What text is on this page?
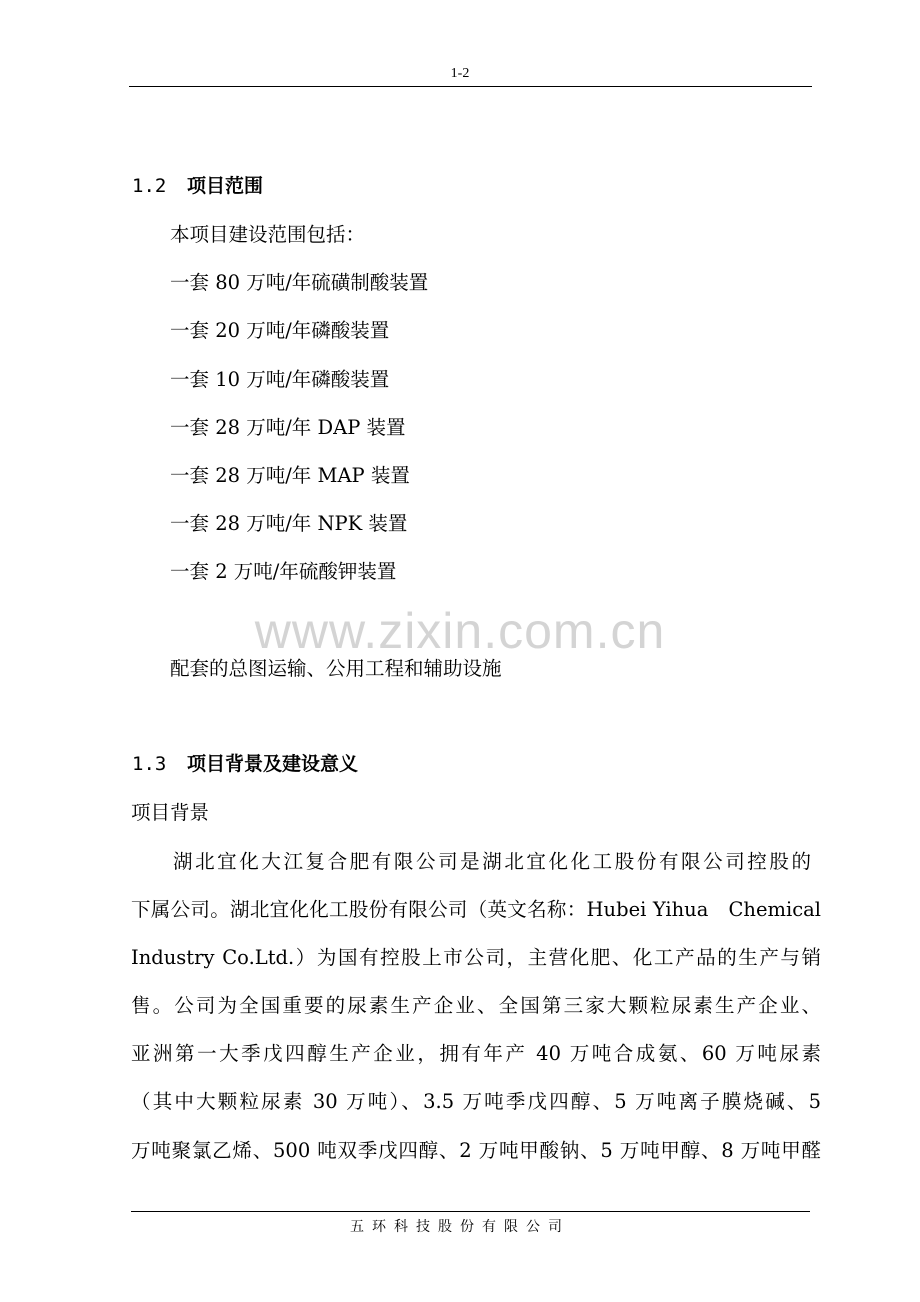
1-2
1.2 项目范围
本项目建设范围包括：
一套 80 万吨/年硫磺制酸装置
一套 20 万吨/年磷酸装置
一套 10 万吨/年磷酸装置
一套 28 万吨/年 DAP 装置
一套 28 万吨/年 MAP 装置
一套 28 万吨/年 NPK 装置
一套 2 万吨/年硫酸钾装置
www.zixin.com.cn
配套的总图运输、公用工程和辅助设施
1.3 项目背景及建设意义
项目背景
湖北宜化大江复合肥有限公司是湖北宜化化工股份有限公司控股的
下属公司。湖北宜化化工股份有限公司（英文名称：Hubei Yihua　Chemical
Industry Co.Ltd.）为国有控股上市公司，主营化肥、化工产品的生产与销
售。公司为全国重要的尿素生产企业、全国第三家大颗粒尿素生产企业、
亚洲第一大季戊四醇生产企业，拥有年产 40 万吨合成氨、60 万吨尿素
（其中大颗粒尿素 30 万吨）、3.5 万吨季戊四醇、5 万吨离子膜烧碱、5
万吨聚氯乙烯、500 吨双季戊四醇、2 万吨甲酸钠、5 万吨甲醇、8 万吨甲醛
五环科技股份有限公司
